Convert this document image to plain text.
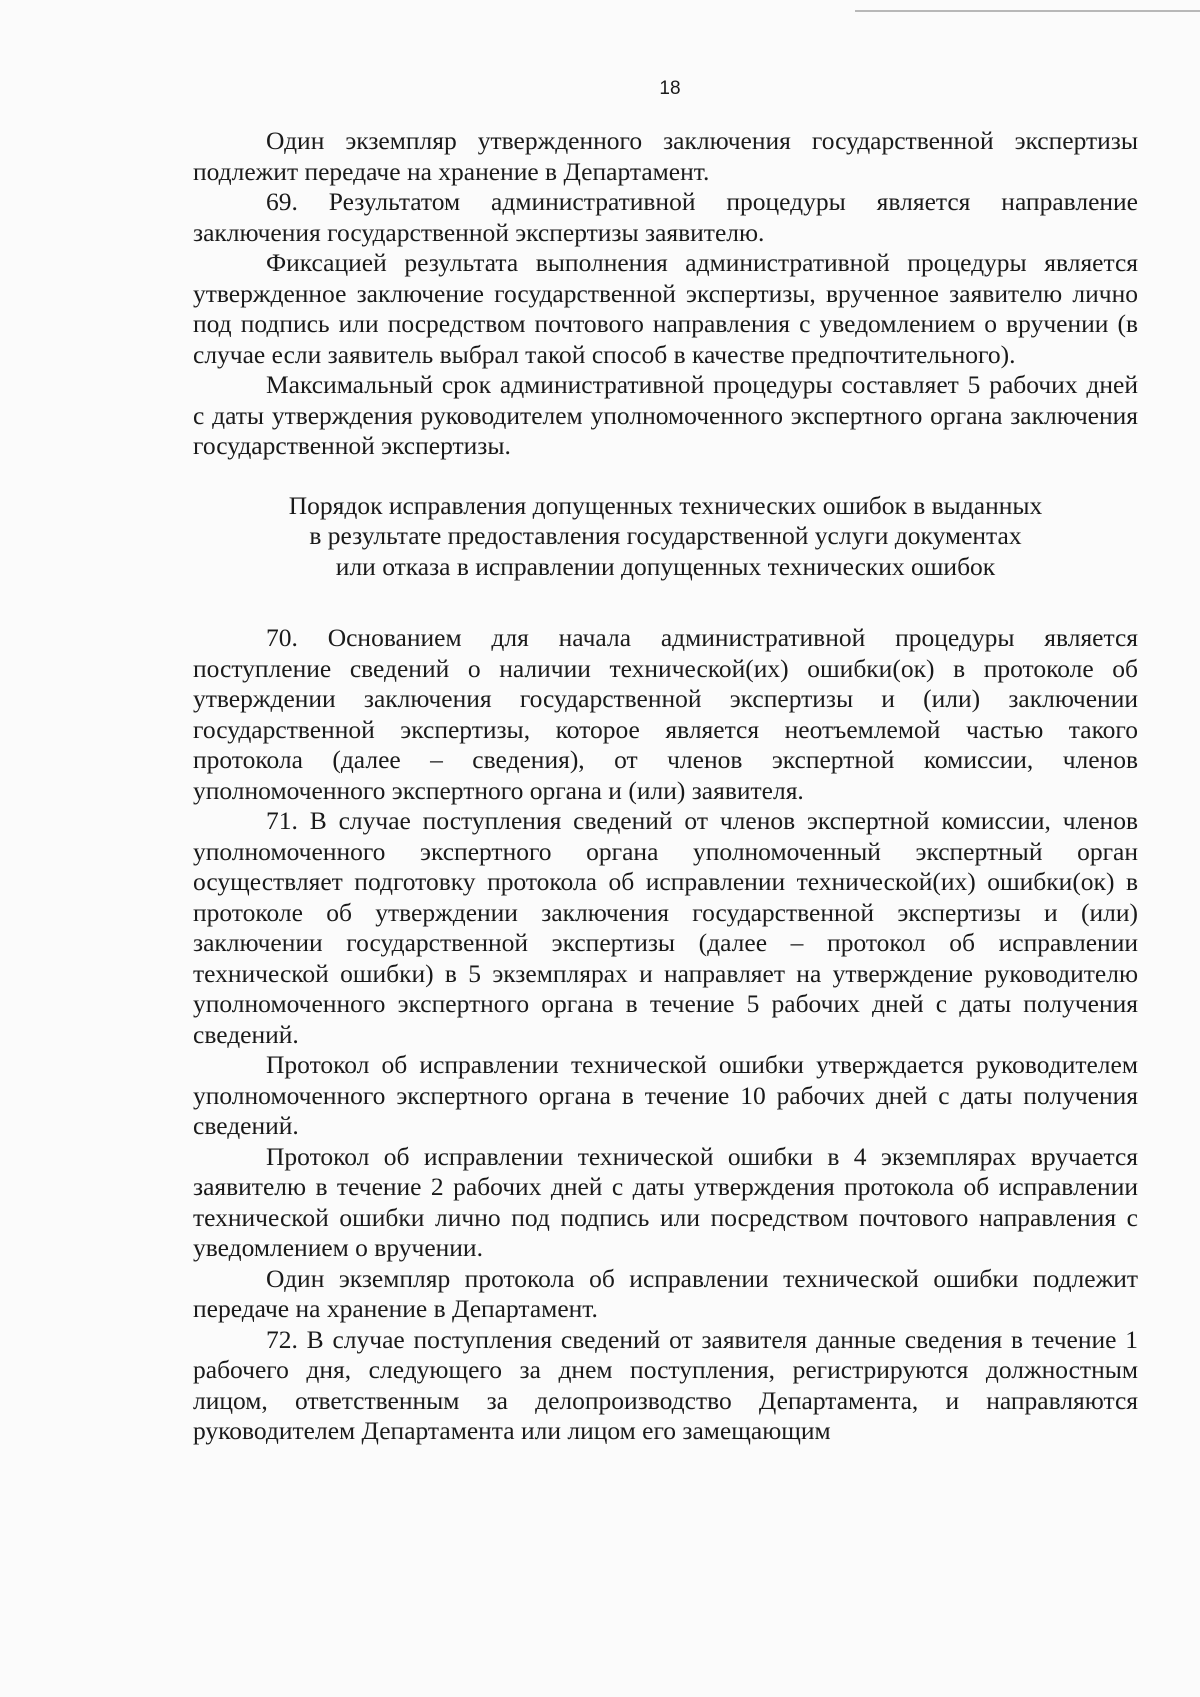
18

Один экземпляр утвержденного заключения государственной экспертизы подлежит передаче на хранение в Департамент.

69. Результатом административной процедуры является направление заключения государственной экспертизы заявителю.

Фиксацией результата выполнения административной процедуры является утвержденное заключение государственной экспертизы, врученное заявителю лично под подпись или посредством почтового направления с уведомлением о вручении (в случае если заявитель выбрал такой способ в качестве предпочтительного).

Максимальный срок административной процедуры составляет 5 рабочих дней с даты утверждения руководителем уполномоченного экспертного органа заключения государственной экспертизы.

Порядок исправления допущенных технических ошибок в выданных
в результате предоставления государственной услуги документах
или отказа в исправлении допущенных технических ошибок

70. Основанием для начала административной процедуры является поступление сведений о наличии технической(их) ошибки(ок) в протоколе об утверждении заключения государственной экспертизы и (или) заключении государственной экспертизы, которое является неотъемлемой частью такого протокола (далее – сведения), от членов экспертной комиссии, членов уполномоченного экспертного органа и (или) заявителя.

71. В случае поступления сведений от членов экспертной комиссии, членов уполномоченного экспертного органа уполномоченный экспертный орган осуществляет подготовку протокола об исправлении технической(их) ошибки(ок) в протоколе об утверждении заключения государственной экспертизы и (или) заключении государственной экспертизы (далее – протокол об исправлении технической ошибки) в 5 экземплярах и направляет на утверждение руководителю уполномоченного экспертного органа в течение 5 рабочих дней с даты получения сведений.

Протокол об исправлении технической ошибки утверждается руководителем уполномоченного экспертного органа в течение 10 рабочих дней с даты получения сведений.

Протокол об исправлении технической ошибки в 4 экземплярах вручается заявителю в течение 2 рабочих дней с даты утверждения протокола об исправлении технической ошибки лично под подпись или посредством почтового направления с уведомлением о вручении.

Один экземпляр протокола об исправлении технической ошибки подлежит передаче на хранение в Департамент.

72. В случае поступления сведений от заявителя данные сведения в течение 1 рабочего дня, следующего за днем поступления, регистрируются должностным лицом, ответственным за делопроизводство Департамента, и направляются руководителем Департамента или лицом его замещающим
